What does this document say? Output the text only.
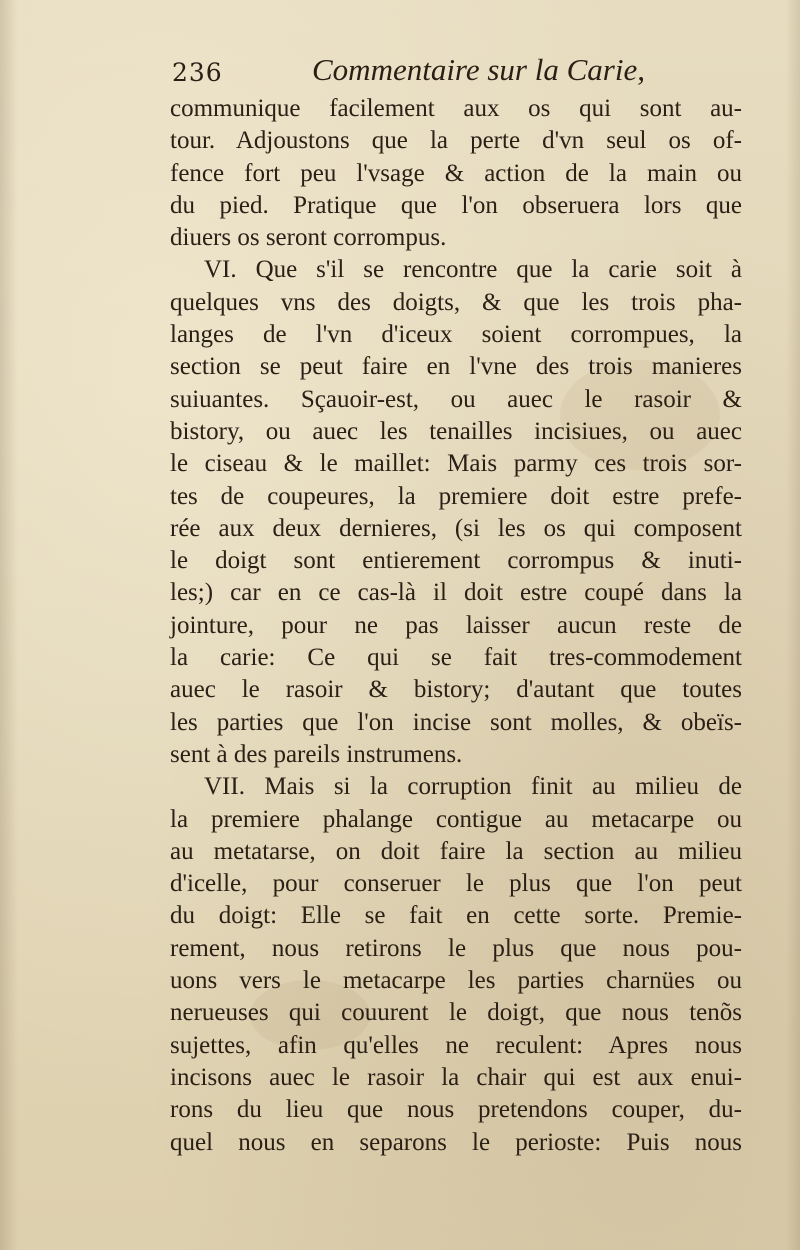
236	Commentaire sur la Carie,
communique facilement aux os qui sont au-
tour. Adjoustons que la perte d'vn seul os of-
fence fort peu l'vsage & action de la main ou
du pied. Pratique que l'on obseruera lors que
diuers os seront corrompus.
VI. Que s'il se rencontre que la carie soit à
quelques vns des doigts, & que les trois pha-
langes de l'vn d'iceux soient corrompues, la
section se peut faire en l'vne des trois manieres
suiuantes. Sçauoir-est, ou auec le rasoir &
bistory, ou auec les tenailles incisiues, ou auec
le ciseau & le maillet: Mais parmy ces trois sor-
tes de coupeures, la premiere doit estre prefe-
rée aux deux dernieres, (si les os qui composent
le doigt sont entierement corrompus & inuti-
les;) car en ce cas-là il doit estre coupé dans la
jointure, pour ne pas laisser aucun reste de
la carie: Ce qui se fait tres-commodement
auec le rasoir & bistory; d'autant que toutes
les parties que l'on incise sont molles, & obeïs-
sent à des pareils instrumens.
VII. Mais si la corruption finit au milieu de
la premiere phalange contigue au metacarpe ou
au metatarse, on doit faire la section au milieu
d'icelle, pour conseruer le plus que l'on peut
du doigt: Elle se fait en cette sorte. Premie-
rement, nous retirons le plus que nous pou-
uons vers le metacarpe les parties charnües ou
nerueuses qui couurent le doigt, que nous tenõs
sujettes, afin qu'elles ne reculent: Apres nous
incisons auec le rasoir la chair qui est aux enui-
rons du lieu que nous pretendons couper, du-
quel nous en separons le perioste: Puis nous
